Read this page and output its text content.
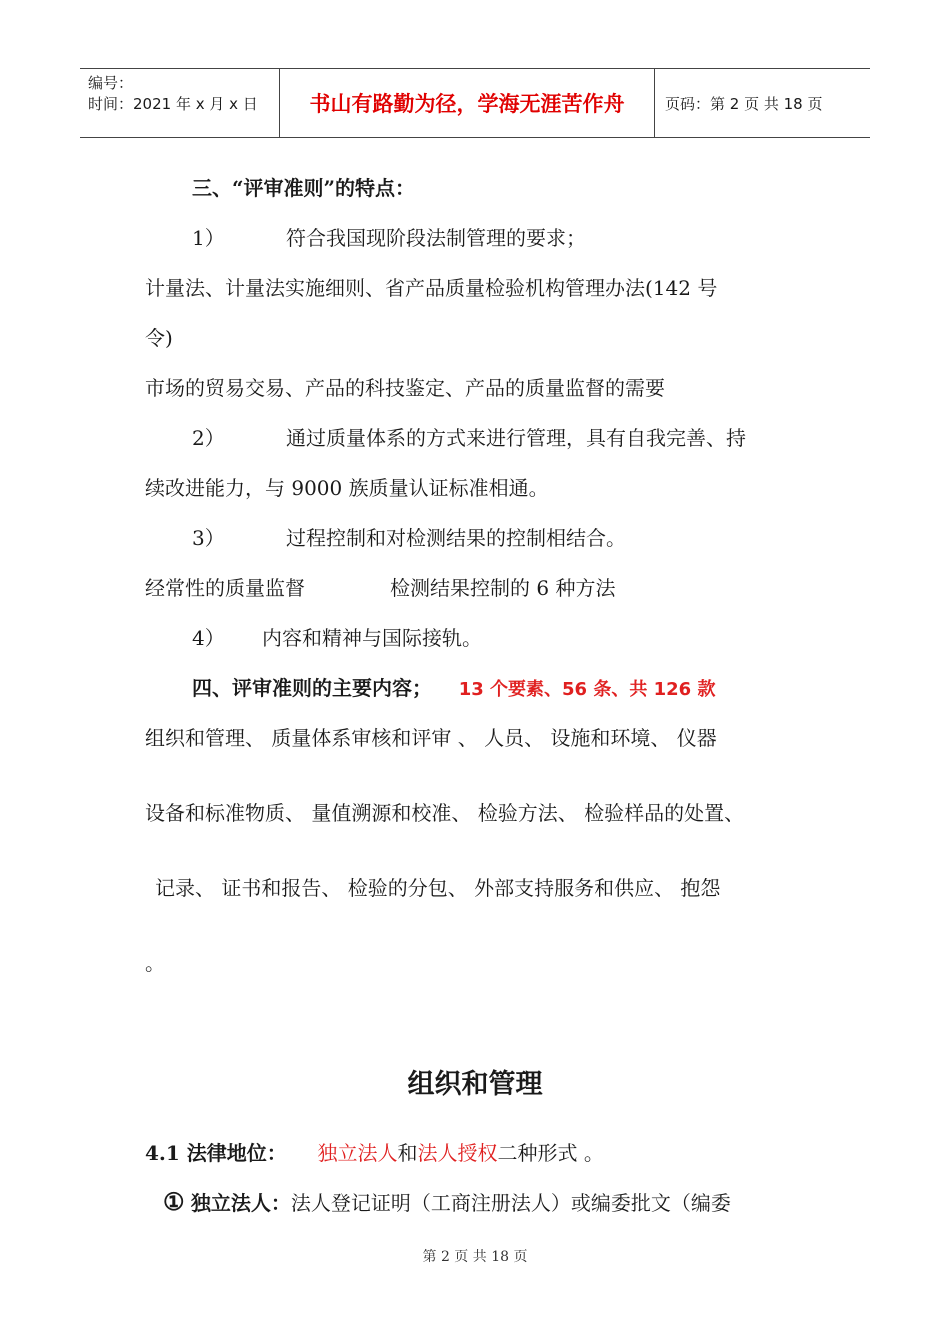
编号：
时间：2021 年 x 月 x 日	书山有路勤为径，学海无涯苦作舟	页码：第 2 页 共 18 页
三、“评审准则”的特点：
1）	符合我国现阶段法制管理的要求；
计量法、计量法实施细则、省产品质量检验机构管理办法(142 号
令)
市场的贸易交易、产品的科技鉴定、产品的质量监督的需要
2）	通过质量体系的方式来进行管理，具有自我完善、持
续改进能力，与 9000 族质量认证标准相通。
3）	过程控制和对检测结果的控制相结合。
经常性的质量监督	检测结果控制的 6 种方法
4） 内容和精神与国际接轨。
四、评审准则的主要内容； 13 个要素、56 条、共 126 款
组织和管理、 质量体系审核和评审 、 人员、 设施和环境、 仪器
设备和标准物质、 量值溯源和校准、 检验方法、 检验样品的处置、
记录、 证书和报告、 检验的分包、 外部支持服务和供应、 抱怨
。
组织和管理
4.1 法律地位： 独立法人和法人授权二种形式 。
① 独立法人：法人登记证明（工商注册法人）或编委批文（编委
第 2 页 共 18 页
